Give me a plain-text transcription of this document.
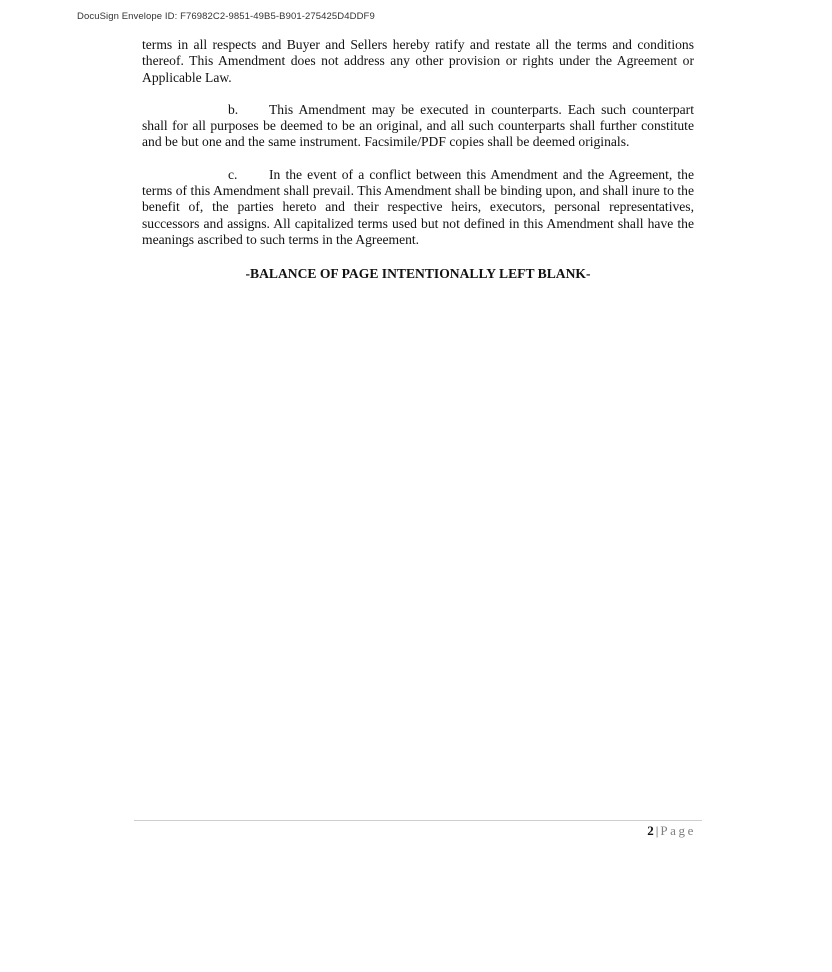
DocuSign Envelope ID: F76982C2-9851-49B5-B901-275425D4DDF9

terms in all respects and Buyer and Sellers hereby ratify and restate all the terms and conditions thereof. This Amendment does not address any other provision or rights under the Agreement or Applicable Law.

b. This Amendment may be executed in counterparts. Each such counterpart shall for all purposes be deemed to be an original, and all such counterparts shall further constitute and be but one and the same instrument. Facsimile/PDF copies shall be deemed originals.

c. In the event of a conflict between this Amendment and the Agreement, the terms of this Amendment shall prevail. This Amendment shall be binding upon, and shall inure to the benefit of, the parties hereto and their respective heirs, executors, personal representatives, successors and assigns. All capitalized terms used but not defined in this Amendment shall have the meanings ascribed to such terms in the Agreement.

-BALANCE OF PAGE INTENTIONALLY LEFT BLANK-
2 | Page
